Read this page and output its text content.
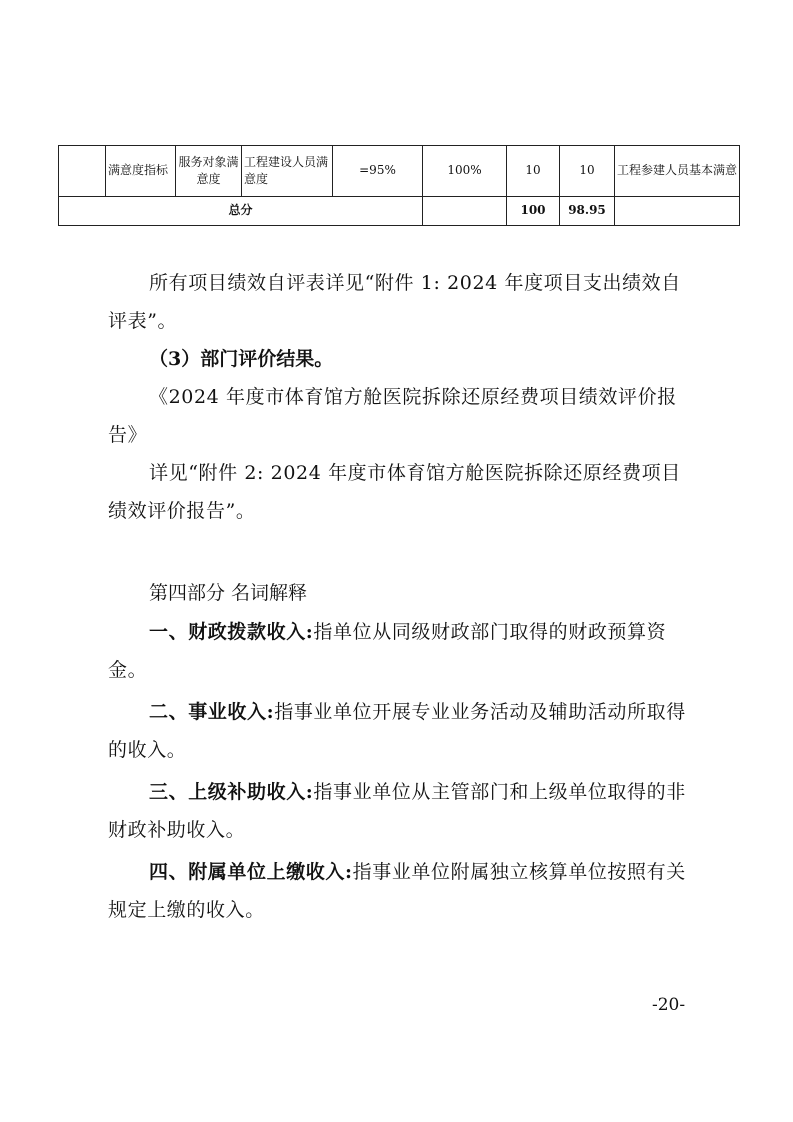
	满意度指标	服务对象满意度	工程建设人员满意度	=95%	100%	10	10	工程参建人员基本满意
总分						100	98.95	

所有项目绩效自评表详见“附件 1: 2024 年度项目支出绩效自评表”。

（3）部门评价结果。

《2024 年度市体育馆方舱医院拆除还原经费项目绩效评价报告》

详见“附件 2: 2024 年度市体育馆方舱医院拆除还原经费项目绩效评价报告”。

第四部分 名词解释

一、财政拨款收入:指单位从同级财政部门取得的财政预算资金。

二、事业收入:指事业单位开展专业业务活动及辅助活动所取得的收入。

三、上级补助收入:指事业单位从主管部门和上级单位取得的非财政补助收入。

四、附属单位上缴收入:指事业单位附属独立核算单位按照有关规定上缴的收入。

-20-
